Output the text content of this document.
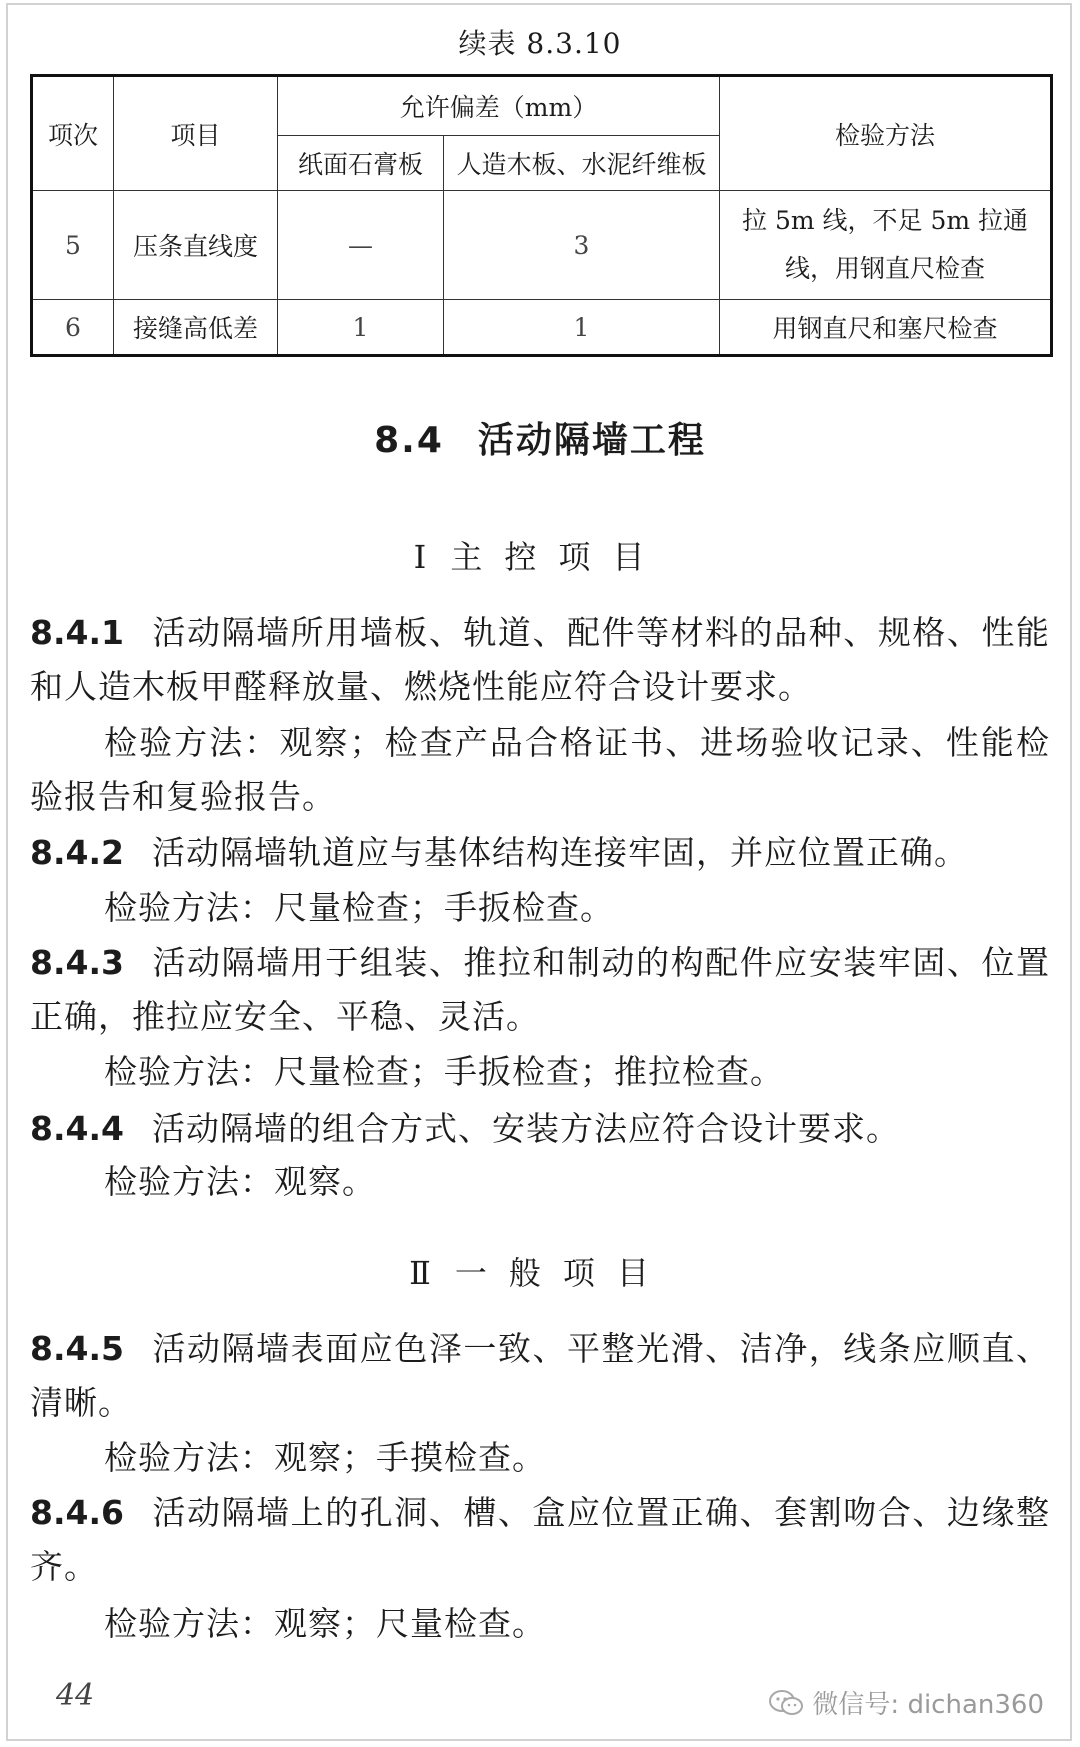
续表 8.3.10
项次	项目	允许偏差（mm）		检验方法
		纸面石膏板	人造木板、水泥纤维板	
5	压条直线度	—	3	拉 5m 线，不足 5m 拉通线，用钢直尺检查
6	接缝高低差	1	1	用钢直尺和塞尺检查
8.4 活动隔墙工程
Ⅰ 主控项目
8.4.1 活动隔墙所用墙板、轨道、配件等材料的品种、规格、性能和人造木板甲醛释放量、燃烧性能应符合设计要求。
检验方法：观察；检查产品合格证书、进场验收记录、性能检验报告和复验报告。
8.4.2 活动隔墙轨道应与基体结构连接牢固，并应位置正确。
检验方法：尺量检查；手扳检查。
8.4.3 活动隔墙用于组装、推拉和制动的构配件应安装牢固、位置正确，推拉应安全、平稳、灵活。
检验方法：尺量检查；手扳检查；推拉检查。
8.4.4 活动隔墙的组合方式、安装方法应符合设计要求。
检验方法：观察。
Ⅱ 一般项目
8.4.5 活动隔墙表面应色泽一致、平整光滑、洁净，线条应顺直、清晰。
检验方法：观察；手摸检查。
8.4.6 活动隔墙上的孔洞、槽、盒应位置正确、套割吻合、边缘整齐。
检验方法：观察；尺量检查。
44	微信号: dichan360
